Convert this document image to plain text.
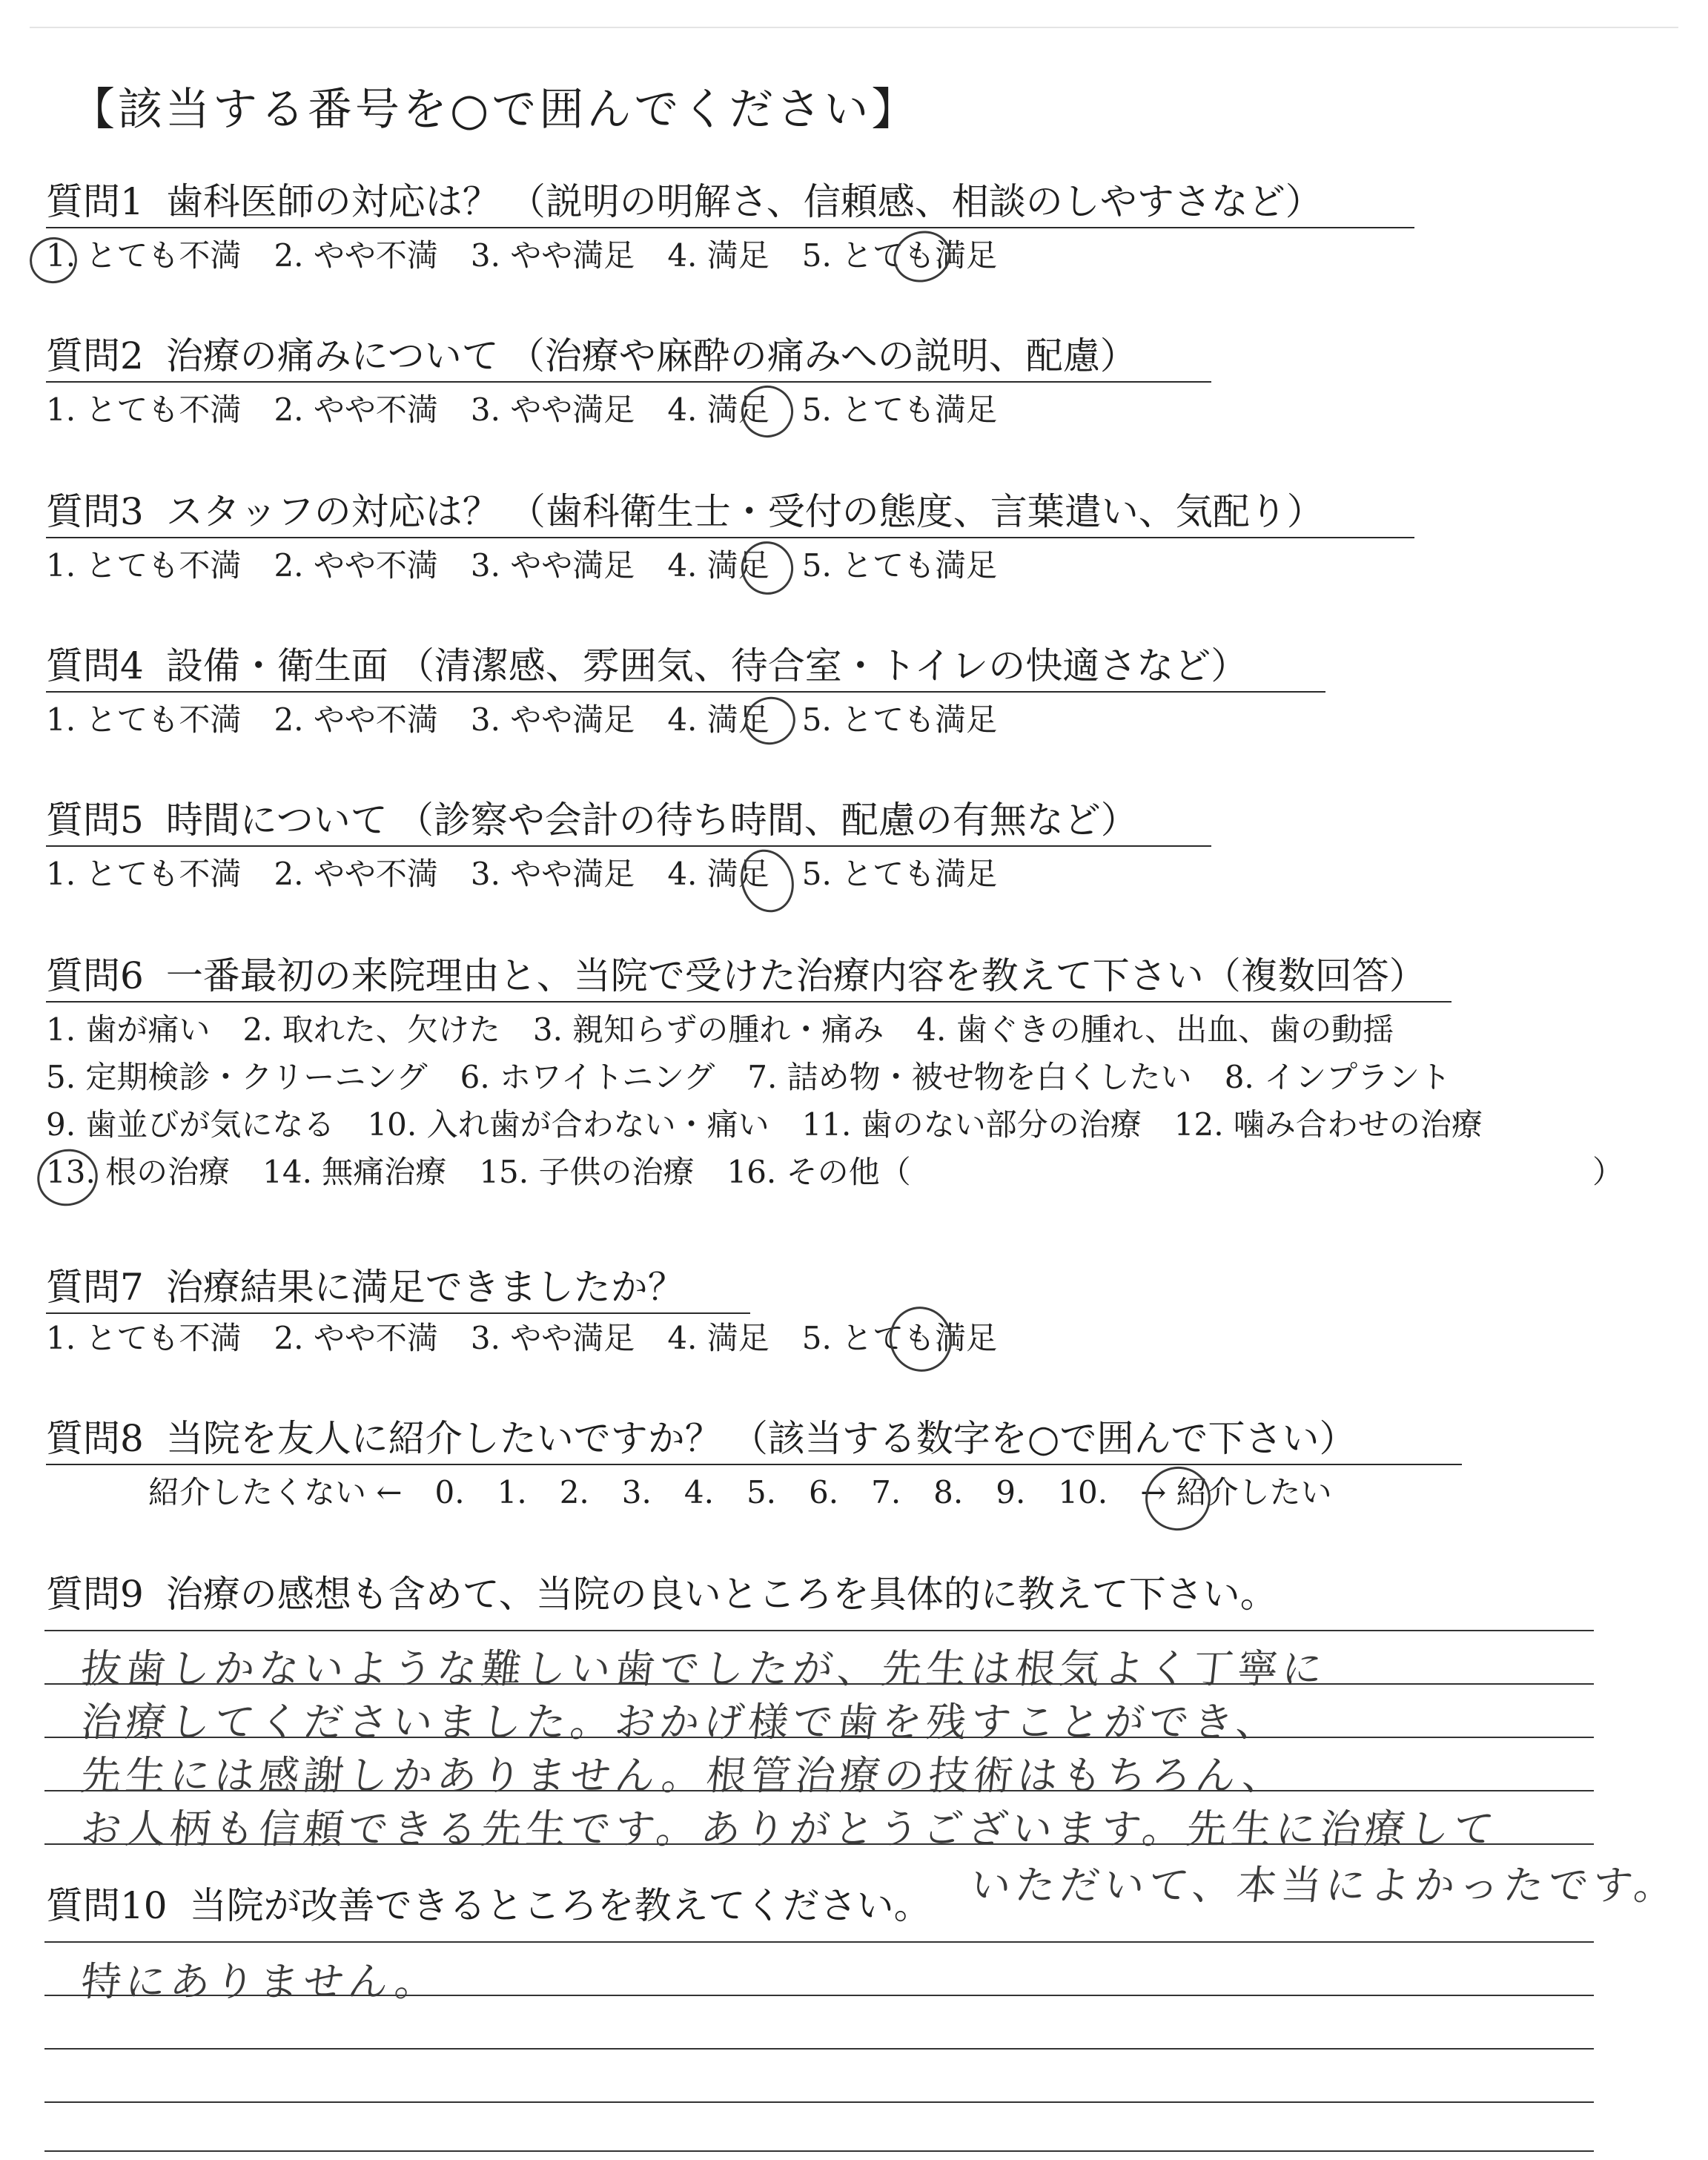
【該当する番号を○で囲んでください】
質問1 歯科医師の対応は？ （説明の明解さ、信頼感、相談のしやすさなど）
1. とても不満 2. やや不満 3. やや満足 4. 満足 5. とても満足
質問2 治療の痛みについて （治療や麻酔の痛みへの説明、配慮）
1. とても不満 2. やや不満 3. やや満足 4. 満足 5. とても満足
質問3 スタッフの対応は？ （歯科衛生士・受付の態度、言葉遣い、気配り）
1. とても不満 2. やや不満 3. やや満足 4. 満足 5. とても満足
質問4 設備・衛生面 （清潔感、雰囲気、待合室・トイレの快適さなど）
1. とても不満 2. やや不満 3. やや満足 4. 満足 5. とても満足
質問5 時間について （診察や会計の待ち時間、配慮の有無など）
1. とても不満 2. やや不満 3. やや満足 4. 満足 5. とても満足
質問6 一番最初の来院理由と、当院で受けた治療内容を教えて下さい（複数回答）
1. 歯が痛い 2. 取れた、欠けた 3. 親知らずの腫れ・痛み 4. 歯ぐきの腫れ、出血、歯の動揺
5. 定期検診・クリーニング 6. ホワイトニング 7. 詰め物・被せ物を白くしたい 8. インプラント
9. 歯並びが気になる 10. 入れ歯が合わない・痛い 11. 歯のない部分の治療 12. 噛み合わせの治療
13. 根の治療 14. 無痛治療 15. 子供の治療 16. その他（	）
質問7 治療結果に満足できましたか？
1. とても不満 2. やや不満 3. やや満足 4. 満足 5. とても満足
質問8 当院を友人に紹介したいですか？ （該当する数字を○で囲んで下さい）
紹介したくない ← 0. 1. 2. 3. 4. 5. 6. 7. 8. 9. 10. → 紹介したい
質問9 治療の感想も含めて、当院の良いところを具体的に教えて下さい。
抜歯しかないような難しい歯でしたが、先生は根気よく丁寧に
治療してくださいました。おかげ様で歯を残すことができ、
先生には感謝しかありません。根管治療の技術はもちろん、
お人柄も信頼できる先生です。ありがとうございます。先生に治療して
いただいて、本当によかったです。
質問10 当院が改善できるところを教えてください。
特にありません。
